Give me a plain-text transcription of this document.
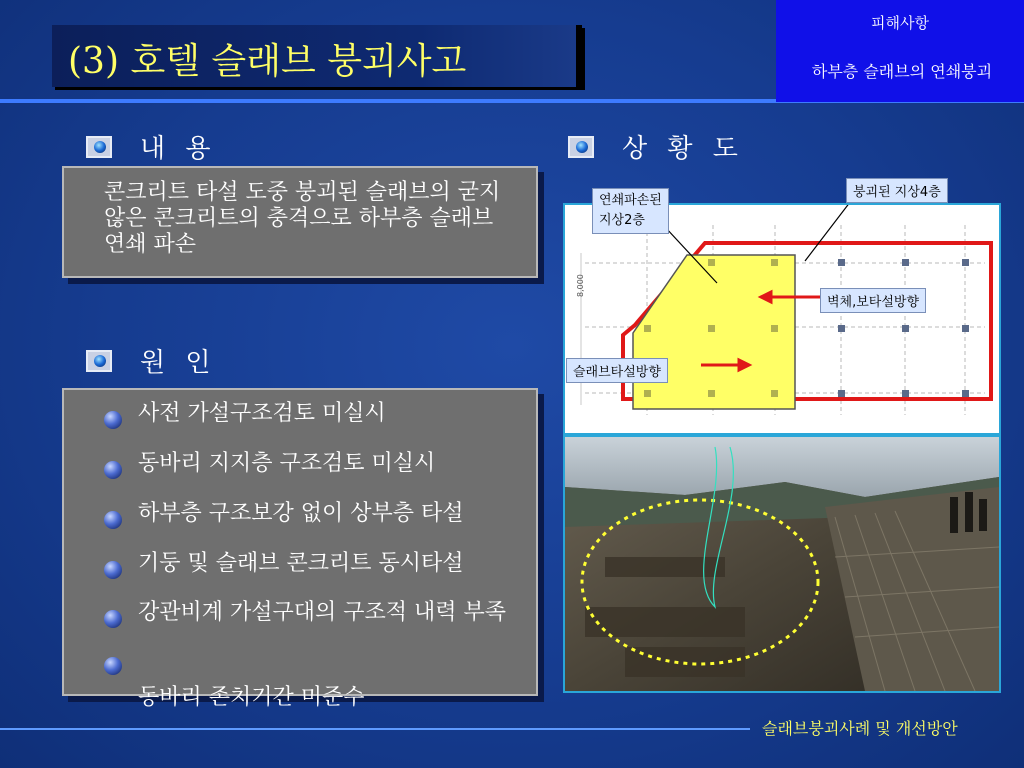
(3) 호텔 슬래브 붕괴사고
피해사항
하부층 슬래브의 연쇄붕괴
내 용
콘크리트 타설 도중 붕괴된 슬래브의 굳지않은 콘크리트의 충격으로 하부층 슬래브 연쇄 파손
원 인
사전 가설구조검토 미실시
동바리 지지층 구조검토 미실시
하부층 구조보강 없이 상부층 타설
기둥 및 슬래브 콘크리트 동시타설
강관비계 가설구대의 구조적 내력 부족
동바리 존치기간 미준수
상 황 도
8,000
연쇄파손된
지상2층
붕괴된 지상4층
벽체,보타설방향
슬래브타설방향
슬래브붕괴사례 및 개선방안
